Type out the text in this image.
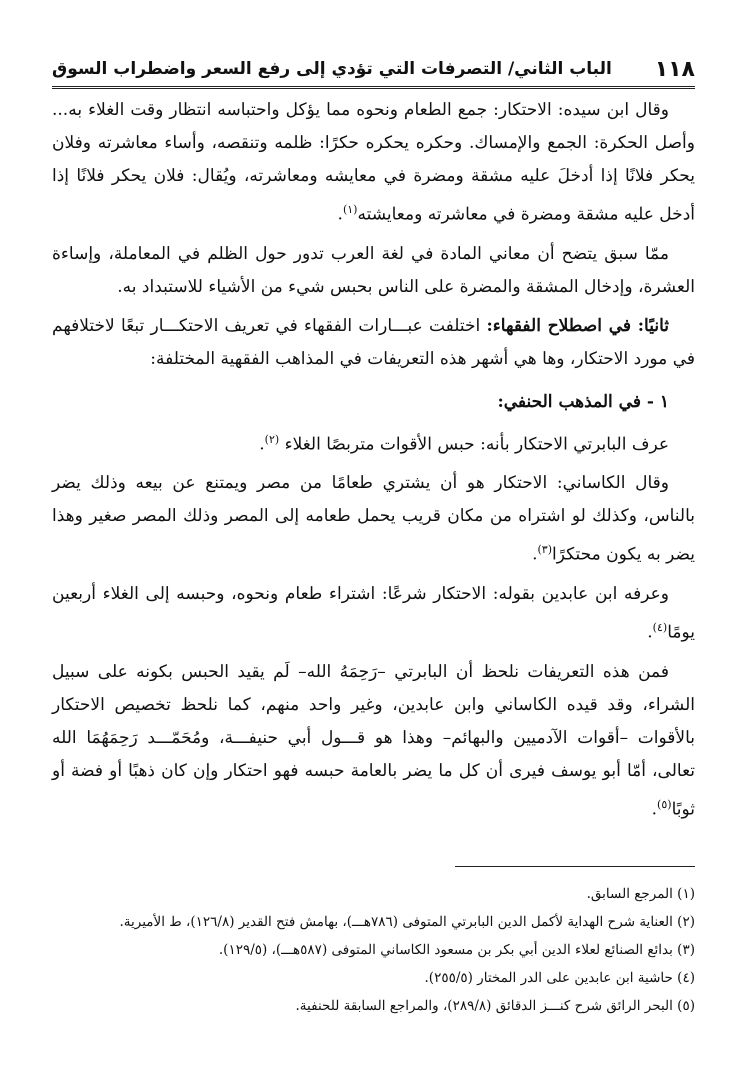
١١٨
الباب الثاني/ التصرفات التي تؤدي إلى رفع السعر واضطراب السوق

وقال ابن سيده: الاحتكار: جمع الطعام ونحوه مما يؤكل واحتباسه انتظار وقت الغلاء به... وأصل الحكرة: الجمع والإمساك. وحكره يحكره حكرًا: ظلمه وتنقصه، وأساء معاشرته وفلان يحكر فلانًا إذا أدخلَ عليه مشقة ومضرة في معايشه ومعاشرته، ويُقال: فلان يحكر فلانًا إذا أدخل عليه مشقة ومضرة في معاشرته ومعايشته$^{(١)}$.

ممّا سبق يتضح أن معاني المادة في لغة العرب تدور حول الظلم في المعاملة، وإساءة العشرة، وإدخال المشقة والمضرة على الناس بحبس شيء من الأشياء للاستبداد به.

ثانيًا: في اصطلاح الفقهاء: اختلفت عبـــارات الفقهاء في تعريف الاحتكـــار تبعًا لاختلافهم في مورد الاحتكار، وها هي أشهر هذه التعريفات في المذاهب الفقهية المختلفة:

١ - في المذهب الحنفي:

عرف البابرتي الاحتكار بأنه: حبس الأقوات متربصًا الغلاء $^{(٢)}$.

وقال الكاساني: الاحتكار هو أن يشتري طعامًا من مصر ويمتنع عن بيعه وذلك يضر بالناس، وكذلك لو اشتراه من مكان قريب يحمل طعامه إلى المصر وذلك المصر صغير وهذا يضر به يكون محتكرًا$^{(٣)}$.

وعرفه ابن عابدين بقوله: الاحتكار شرعًا: اشتراء طعام ونحوه، وحبسه إلى الغلاء أربعين يومًا$^{(٤)}$.

فمن هذه التعريفات نلحظ أن البابرتي –رَحِمَهُ الله– لَم يقيد الحبس بكونه على سبيل الشراء، وقد قيده الكاساني وابن عابدين، وغير واحد منهم، كما نلحظ تخصيص الاحتكار بالأقوات –أقوات الآدميين والبهائم– وهذا هو قـــول أبي حنيفـــة، ومُحَمّـــد رَحِمَهُمَا الله تعالى، أمّا أبو يوسف فيرى أن كل ما يضر بالعامة حبسه فهو احتكار وإن كان ذهبًا أو فضة أو ثوبًا$^{(٥)}$.

(١) المرجع السابق.
(٢) العناية شرح الهداية لأكمل الدين البابرتي المتوفى (٧٨٦هـــ)، بهامش فتح القدير (١٢٦/٨)، ط الأميرية.
(٣) بدائع الصنائع لعلاء الدين أبي بكر بن مسعود الكاساني المتوفى (٥٨٧هـــ)، (١٢٩/٥).
(٤) حاشية ابن عابدين على الدر المختار (٢٥٥/٥).
(٥) البحر الرائق شرح كنـــز الدقائق (٢٨٩/٨)، والمراجع السابقة للحنفية.
